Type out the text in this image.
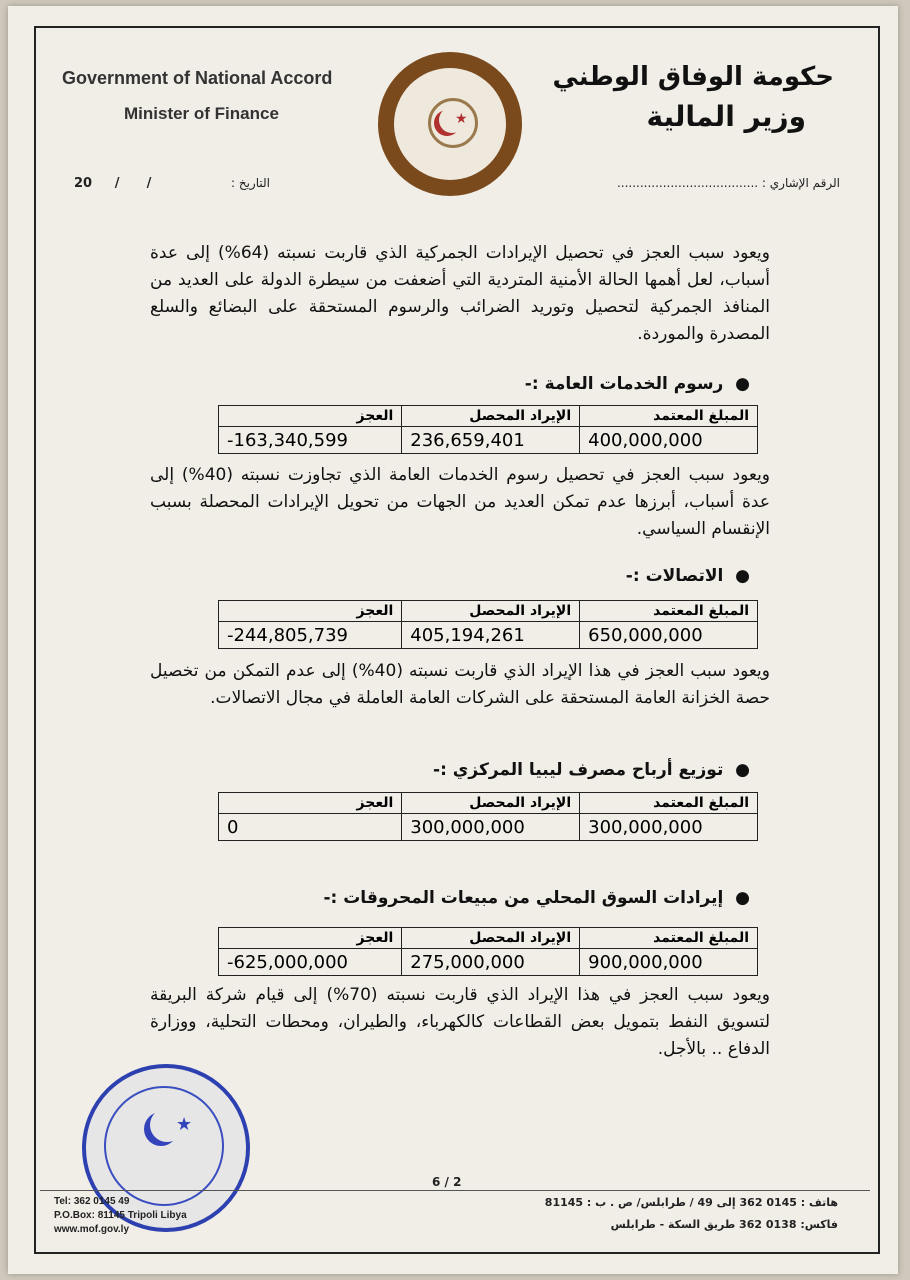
Government of National Accord
Minister of Finance
حكومة الوفاق الوطني
وزير المالية
★
الرقم الإشاري : .....................................
التاريخ :
20     /      /
ويعود سبب العجز في تحصيل الإيرادات الجمركية الذي قاربت نسبته (64%) إلى عدة أسباب، لعل أهمها الحالة الأمنية المتردية التي أضعفت من سيطرة الدولة على العديد من المنافذ الجمركية لتحصيل وتوريد الضرائب والرسوم المستحقة على البضائع والسلع المصدرة والموردة.
●  رسوم الخدمات العامة :-
المبلغ المعتمد	الإيراد المحصل	العجز
400,000,000	236,659,401	-163,340,599
ويعود سبب العجز في تحصيل رسوم الخدمات العامة الذي تجاوزت نسبته (40%) إلى عدة أسباب، أبرزها عدم تمكن العديد من الجهات من تحويل الإيرادات المحصلة بسبب الإنقسام السياسي.
●  الاتصالات :-
المبلغ المعتمد	الإيراد المحصل	العجز
650,000,000	405,194,261	-244,805,739
ويعود سبب العجز في هذا الإيراد الذي قاربت نسبته (40%) إلى عدم التمكن من تخصيل حصة الخزانة العامة المستحقة على الشركات العامة العاملة في مجال الاتصالات.
●  توزيع أرباح مصرف ليبيا المركزي :-
المبلغ المعتمد	الإيراد المحصل	العجز
300,000,000	300,000,000	0
●  إيرادات السوق المحلي من مبيعات المحروقات :-
المبلغ المعتمد	الإيراد المحصل	العجز
900,000,000	275,000,000	-625,000,000
ويعود سبب العجز في هذا الإيراد الذي قاربت نسبته (70%) إلى قيام شركة البريقة لتسويق النفط بتمويل بعض القطاعات كالكهرباء، والطيران، ومحطات التحلية، ووزارة الدفاع .. بالأجل.
★
6 / 2
Tel: 362 0145 49
P.O.Box: 81145 Tripoli Libya
www.mof.gov.ly
هاتف : 0145 362 إلى 49 / طرابلس/ ص . ب : 81145
فاكس: 0138 362 طريق السكة - طرابلس
